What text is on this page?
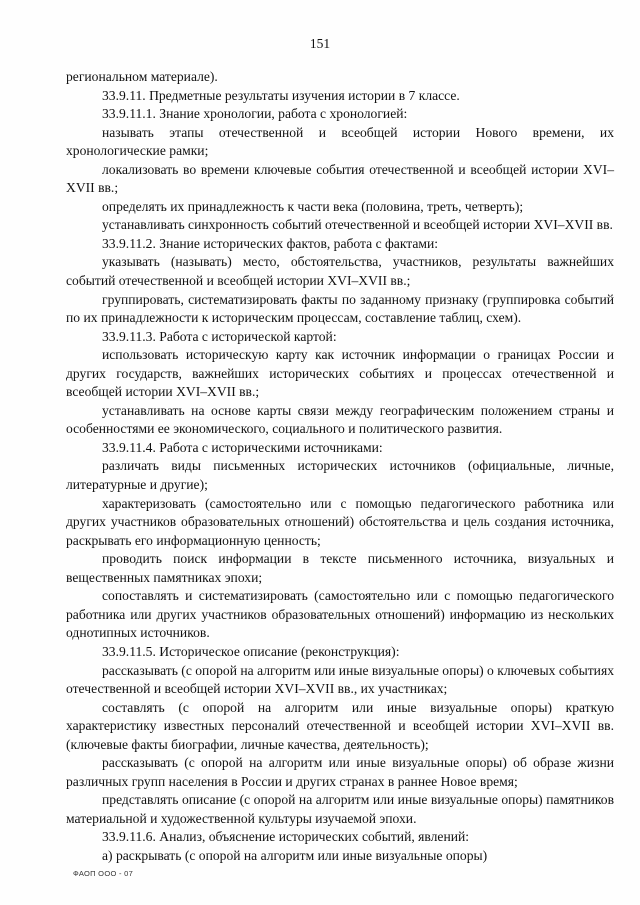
151

региональном материале).

33.9.11. Предметные результаты изучения истории в 7 классе.

33.9.11.1. Знание хронологии, работа с хронологией:

называть этапы отечественной и всеобщей истории Нового времени, их хронологические рамки;

локализовать во времени ключевые события отечественной и всеобщей истории XVI–XVII вв.;

определять их принадлежность к части века (половина, треть, четверть);

устанавливать синхронность событий отечественной и всеобщей истории XVI–XVII вв.

33.9.11.2. Знание исторических фактов, работа с фактами:

указывать (называть) место, обстоятельства, участников, результаты важнейших событий отечественной и всеобщей истории XVI–XVII вв.;

группировать, систематизировать факты по заданному признаку (группировка событий по их принадлежности к историческим процессам, составление таблиц, схем).

33.9.11.3. Работа с исторической картой:

использовать историческую карту как источник информации о границах России и других государств, важнейших исторических событиях и процессах отечественной и всеобщей истории XVI–XVII вв.;

устанавливать на основе карты связи между географическим положением страны и особенностями ее экономического, социального и политического развития.

33.9.11.4. Работа с историческими источниками:

различать виды письменных исторических источников (официальные, личные, литературные и другие);

характеризовать (самостоятельно или с помощью педагогического работника или других участников образовательных отношений) обстоятельства и цель создания источника, раскрывать его информационную ценность;

проводить поиск информации в тексте письменного источника, визуальных и вещественных памятниках эпохи;

сопоставлять и систематизировать (самостоятельно или с помощью педагогического работника или других участников образовательных отношений) информацию из нескольких однотипных источников.

33.9.11.5. Историческое описание (реконструкция):

рассказывать (с опорой на алгоритм или иные визуальные опоры) о ключевых событиях отечественной и всеобщей истории XVI–XVII вв., их участниках;

составлять (с опорой на алгоритм или иные визуальные опоры) краткую характеристику известных персоналий отечественной и всеобщей истории XVI–XVII вв. (ключевые факты биографии, личные качества, деятельность);

рассказывать (с опорой на алгоритм или иные визуальные опоры) об образе жизни различных групп населения в России и других странах в раннее Новое время;

представлять описание (с опорой на алгоритм или иные визуальные опоры) памятников материальной и художественной культуры изучаемой эпохи.

33.9.11.6. Анализ, объяснение исторических событий, явлений:

а) раскрывать (с опорой на алгоритм или иные визуальные опоры)

ФАОП ООО - 07
